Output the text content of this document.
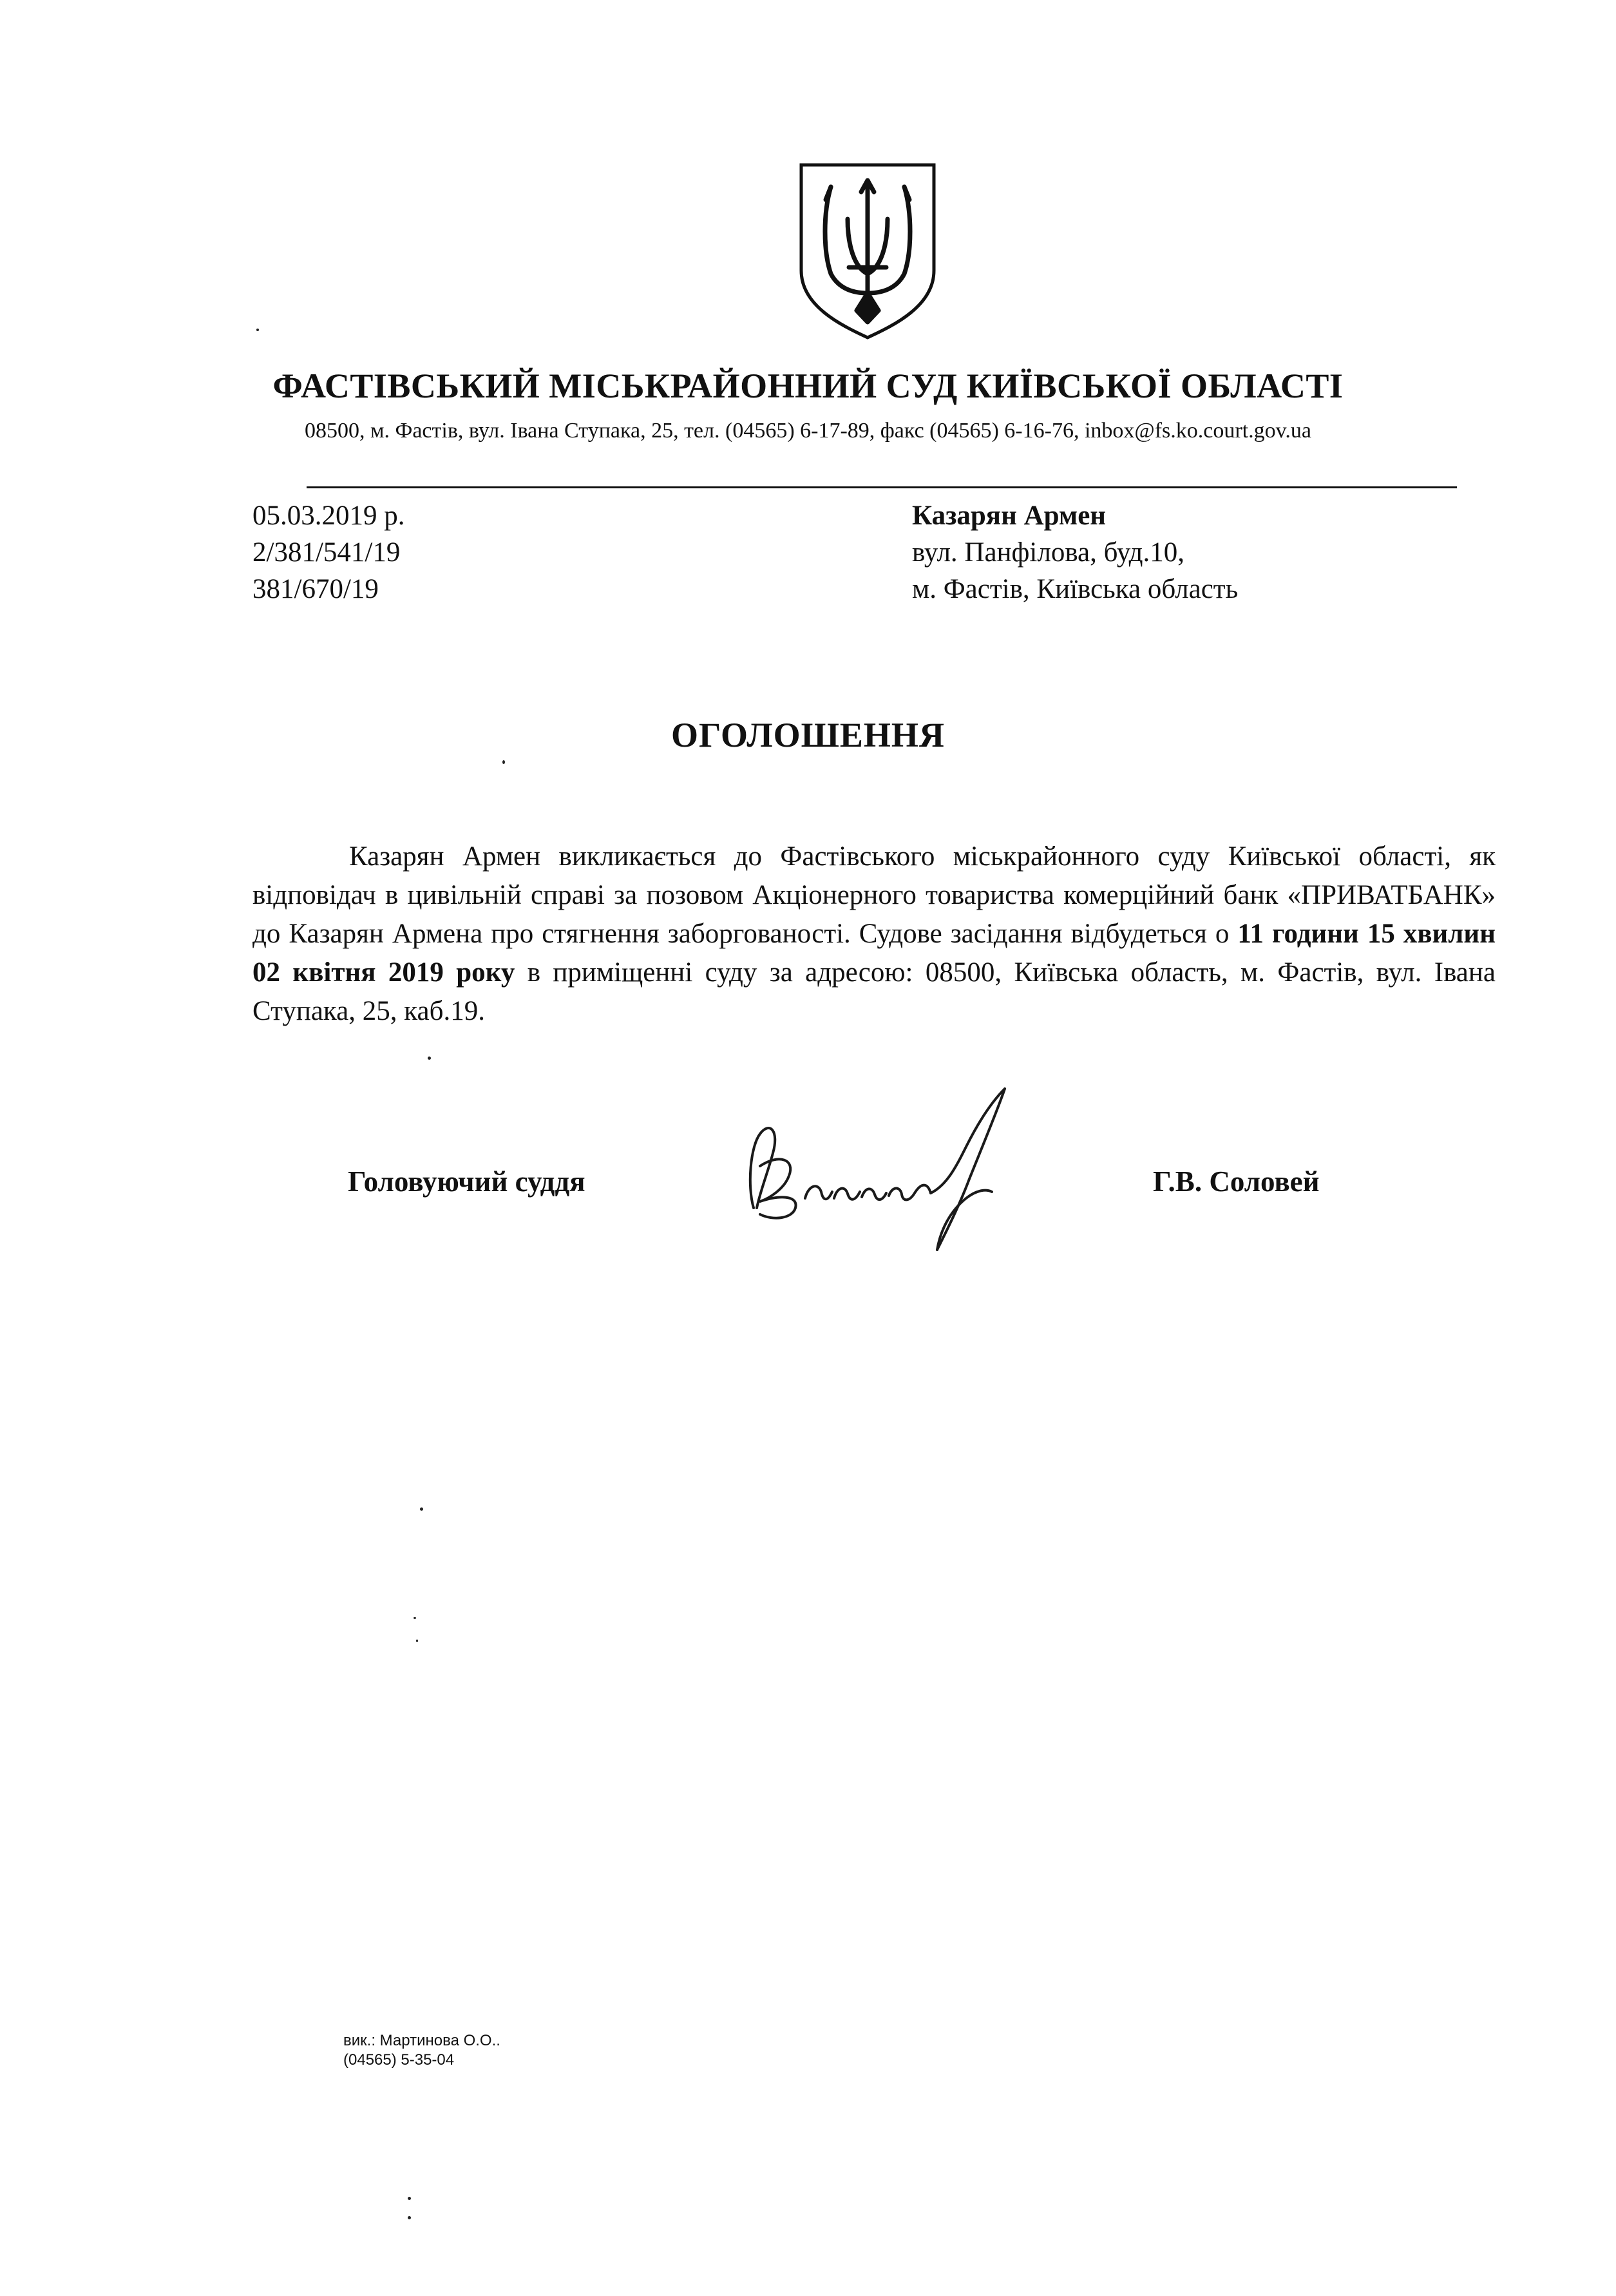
ФАСТІВСЬКИЙ МІСЬКРАЙОННИЙ СУД КИЇВСЬКОЇ ОБЛАСТІ
08500, м. Фастів, вул. Івана Ступака, 25, тел. (04565) 6-17-89, факс (04565) 6-16-76, inbox@fs.ko.court.gov.ua
05.03.2019 р.
2/381/541/19
381/670/19
Казарян Армен
вул. Панфілова, буд.10,
м. Фастів, Київська область
ОГОЛОШЕННЯ

Казарян Армен викликається до Фастівського міськрайонного суду Київської області, як відповідач в цивільній справі за позовом Акціонерного товариства комерційний банк «ПРИВАТБАНК» до Казарян Армена про стягнення заборгованості. Судове засідання відбудеться о 11 години 15 хвилин 02 квітня 2019 року в приміщенні суду за адресою: 08500, Київська область, м. Фастів, вул. Івана Ступака, 25, каб.19.

Головуючий суддя	Г.В. Соловей
вик.: Мартинова О.О..
(04565) 5-35-04
